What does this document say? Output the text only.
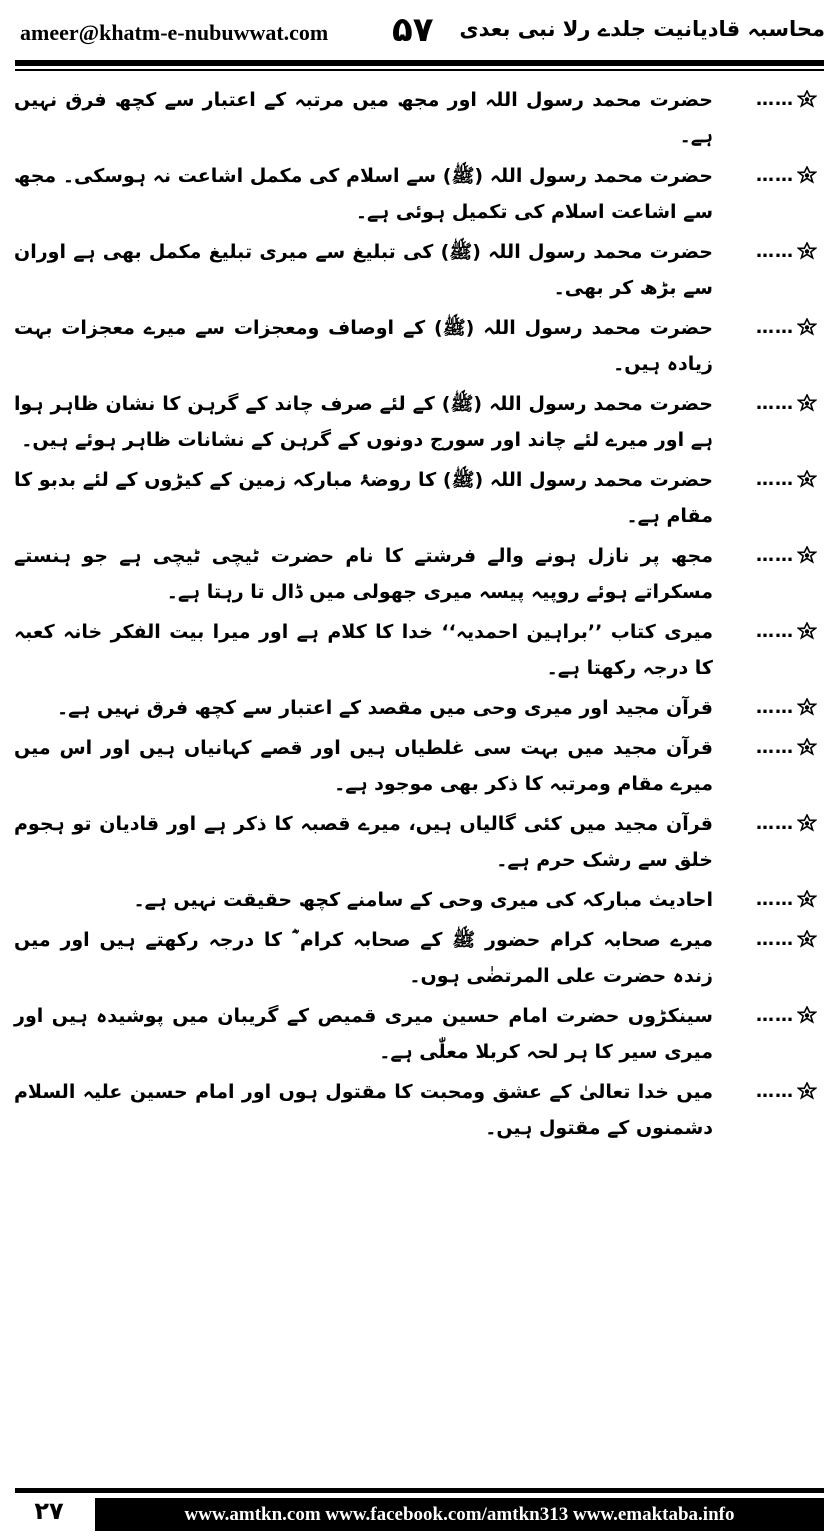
ameer@khatm-e-nubuwwat.com ۵۷ محاسبہ قادیانیت جلدے رلا نبی بعدی
……
حضرت محمد رسول اللہ اور مجھ میں مرتبہ کے اعتبار سے کچھ فرق نہیں ہے۔
……
حضرت محمد رسول اللہ (ﷺ) سے اسلام کی مکمل اشاعت نہ ہوسکی۔ مجھ سے اشاعت اسلام کی تکمیل ہوئی ہے۔
……
حضرت محمد رسول اللہ (ﷺ) کی تبلیغ سے میری تبلیغ مکمل بھی ہے اوران سے بڑھ کر بھی۔
……
حضرت محمد رسول اللہ (ﷺ) کے اوصاف ومعجزات سے میرے معجزات بہت زیادہ ہیں۔
……
حضرت محمد رسول اللہ (ﷺ) کے لئے صرف چاند کے گرہن کا نشان ظاہر ہوا ہے اور میرے لئے چاند اور سورج دونوں کے گرہن کے نشانات ظاہر ہوئے ہیں۔
……
حضرت محمد رسول اللہ (ﷺ) کا روضۂ مبارکہ زمین کے کیڑوں کے لئے بدبو کا مقام ہے۔
……
مجھ پر نازل ہونے والے فرشتے کا نام حضرت ٹیچی ٹیچی ہے جو ہنستے مسکراتے ہوئے روپیہ پیسہ میری جھولی میں ڈال تا رہتا ہے۔
……
میری کتاب ’’براہین احمدیہ‘‘ خدا کا کلام ہے اور میرا بیت الفکر خانہ کعبہ کا درجہ رکھتا ہے۔
……
قرآن مجید اور میری وحی میں مقصد کے اعتبار سے کچھ فرق نہیں ہے۔
……
قرآن مجید میں بہت سی غلطیاں ہیں اور قصے کہانیاں ہیں اور اس میں میرے مقام ومرتبہ کا ذکر بھی موجود ہے۔
……
قرآن مجید میں کئی گالیاں ہیں، میرے قصبہ کا ذکر ہے اور قادیان تو ہجوم خلق سے رشک حرم ہے۔
……
احادیث مبارکہ کی میری وحی کے سامنے کچھ حقیقت نہیں ہے۔
……
میرے صحابہ کرام حضور ﷺ کے صحابہ کرام ؓ کا درجہ رکھتے ہیں اور میں زندہ حضرت علی المرتضٰی ہوں۔
……
سینکڑوں حضرت امام حسین میری قمیص کے گریبان میں پوشیدہ ہیں اور میری سیر کا ہر لحہ کربلا معلّٰی ہے۔
……
میں خدا تعالیٰ کے عشق ومحبت کا مقتول ہوں اور امام حسین علیہ السلام دشمنوں کے مقتول ہیں۔
۲۷	www.amtkn.com www.facebook.com/amtkn313 www.emaktaba.info
